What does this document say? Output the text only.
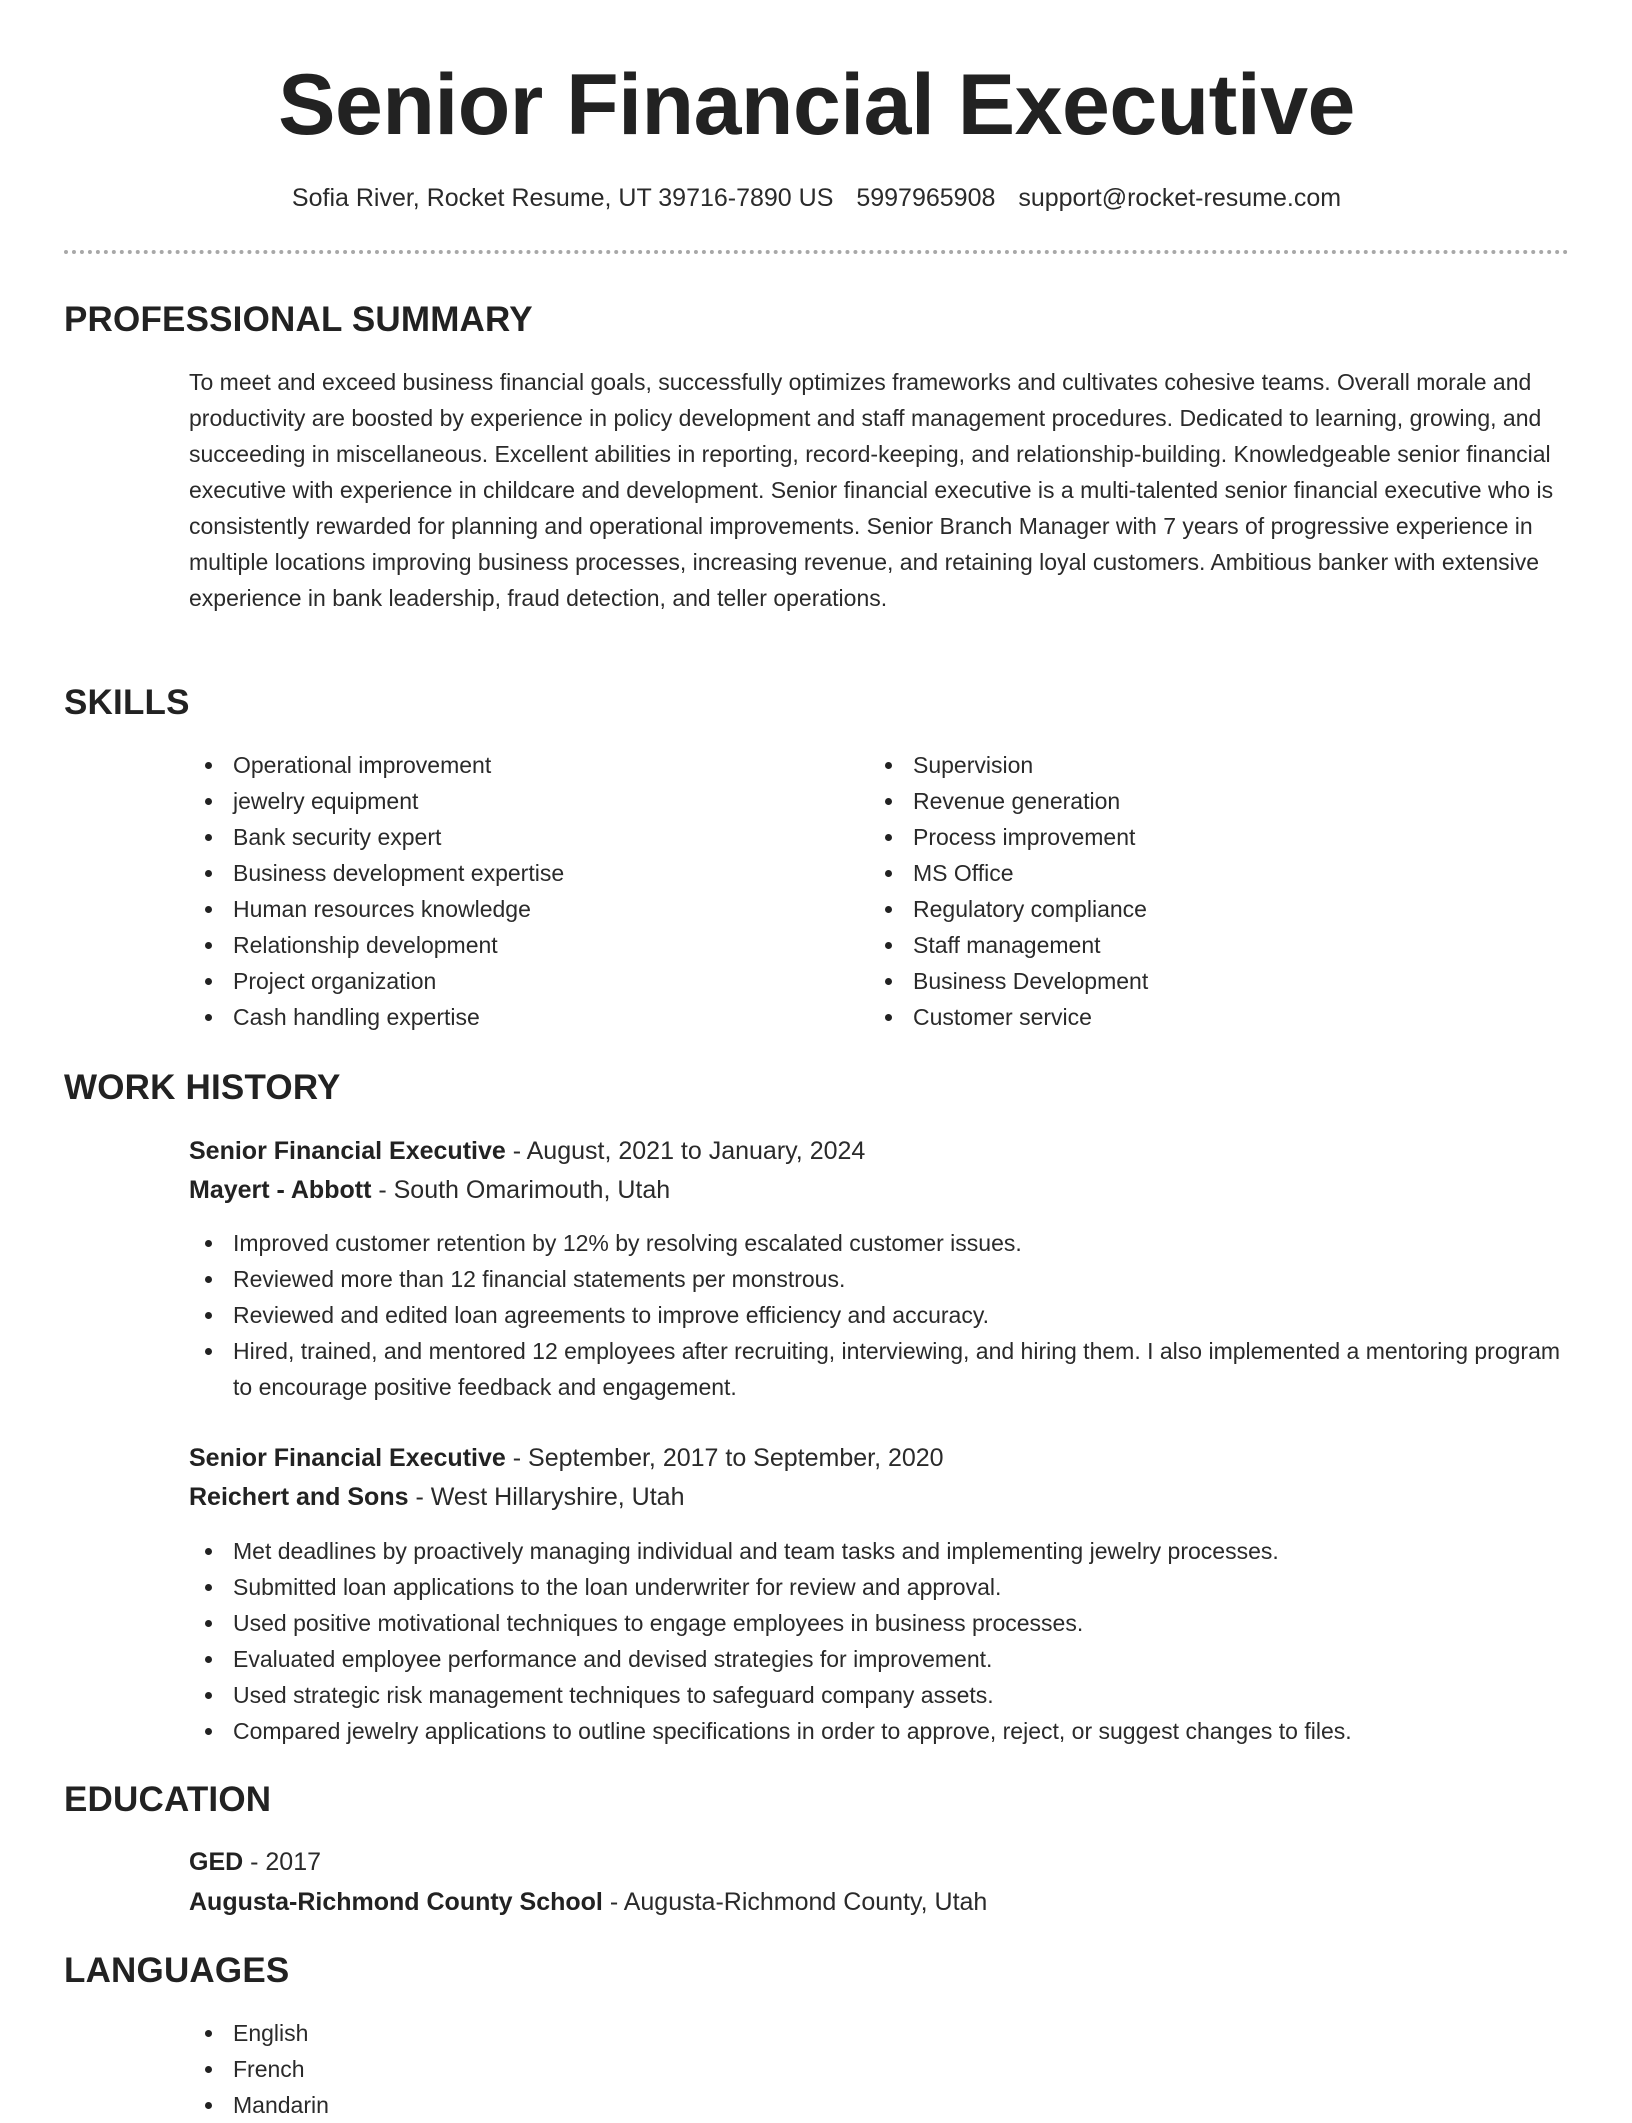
Senior Financial Executive
Sofia River, Rocket Resume, UT 39716-7890 US 5997965908 support@rocket-resume.com
PROFESSIONAL SUMMARY

To meet and exceed business financial goals, successfully optimizes frameworks and cultivates cohesive teams. Overall morale and productivity are boosted by experience in policy development and staff management procedures. Dedicated to learning, growing, and succeeding in miscellaneous. Excellent abilities in reporting, record-keeping, and relationship-building. Knowledgeable senior financial executive with experience in childcare and development. Senior financial executive is a multi-talented senior financial executive who is consistently rewarded for planning and operational improvements. Senior Branch Manager with 7 years of progressive experience in multiple locations improving business processes, increasing revenue, and retaining loyal customers. Ambitious banker with extensive experience in bank leadership, fraud detection, and teller operations.

SKILLS
Operational improvement
jewelry equipment
Bank security expert
Business development expertise
Human resources knowledge
Relationship development
Project organization
Cash handling expertise
Supervision
Revenue generation
Process improvement
MS Office
Regulatory compliance
Staff management
Business Development
Customer service
WORK HISTORY
Senior Financial Executive - August, 2021 to January, 2024
Mayert - Abbott - South Omarimouth, Utah
Improved customer retention by 12% by resolving escalated customer issues.
Reviewed more than 12 financial statements per monstrous.
Reviewed and edited loan agreements to improve efficiency and accuracy.
Hired, trained, and mentored 12 employees after recruiting, interviewing, and hiring them. I also implemented a mentoring program to encourage positive feedback and engagement.
Senior Financial Executive - September, 2017 to September, 2020
Reichert and Sons - West Hillaryshire, Utah
Met deadlines by proactively managing individual and team tasks and implementing jewelry processes.
Submitted loan applications to the loan underwriter for review and approval.
Used positive motivational techniques to engage employees in business processes.
Evaluated employee performance and devised strategies for improvement.
Used strategic risk management techniques to safeguard company assets.
Compared jewelry applications to outline specifications in order to approve, reject, or suggest changes to files.
EDUCATION
GED - 2017
Augusta-Richmond County School - Augusta-Richmond County, Utah
LANGUAGES
English
French
Mandarin
